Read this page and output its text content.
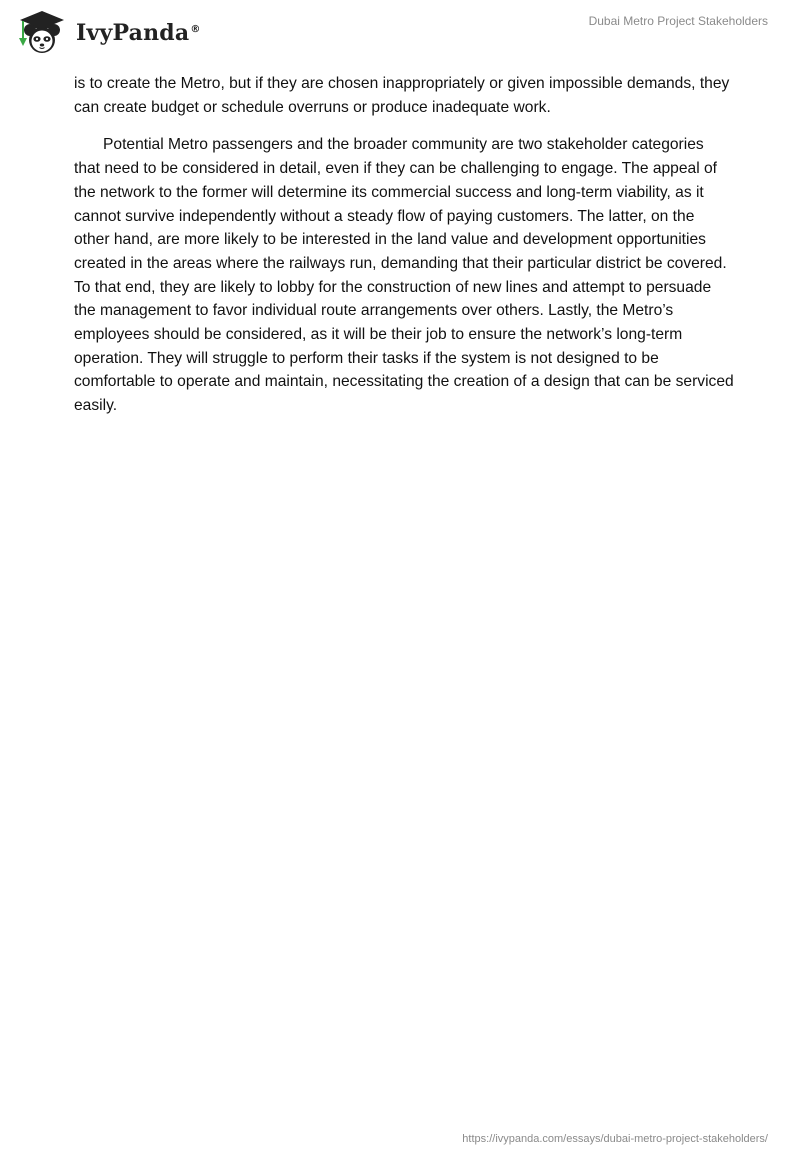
IvyPanda®
Dubai Metro Project Stakeholders

is to create the Metro, but if they are chosen inappropriately or given impossible demands, they can create budget or schedule overruns or produce inadequate work.

Potential Metro passengers and the broader community are two stakeholder categories that need to be considered in detail, even if they can be challenging to engage. The appeal of the network to the former will determine its commercial success and long-term viability, as it cannot survive independently without a steady flow of paying customers. The latter, on the other hand, are more likely to be interested in the land value and development opportunities created in the areas where the railways run, demanding that their particular district be covered. To that end, they are likely to lobby for the construction of new lines and attempt to persuade the management to favor individual route arrangements over others. Lastly, the Metro’s employees should be considered, as it will be their job to ensure the network’s long-term operation. They will struggle to perform their tasks if the system is not designed to be comfortable to operate and maintain, necessitating the creation of a design that can be serviced easily.

https://ivypanda.com/essays/dubai-metro-project-stakeholders/
